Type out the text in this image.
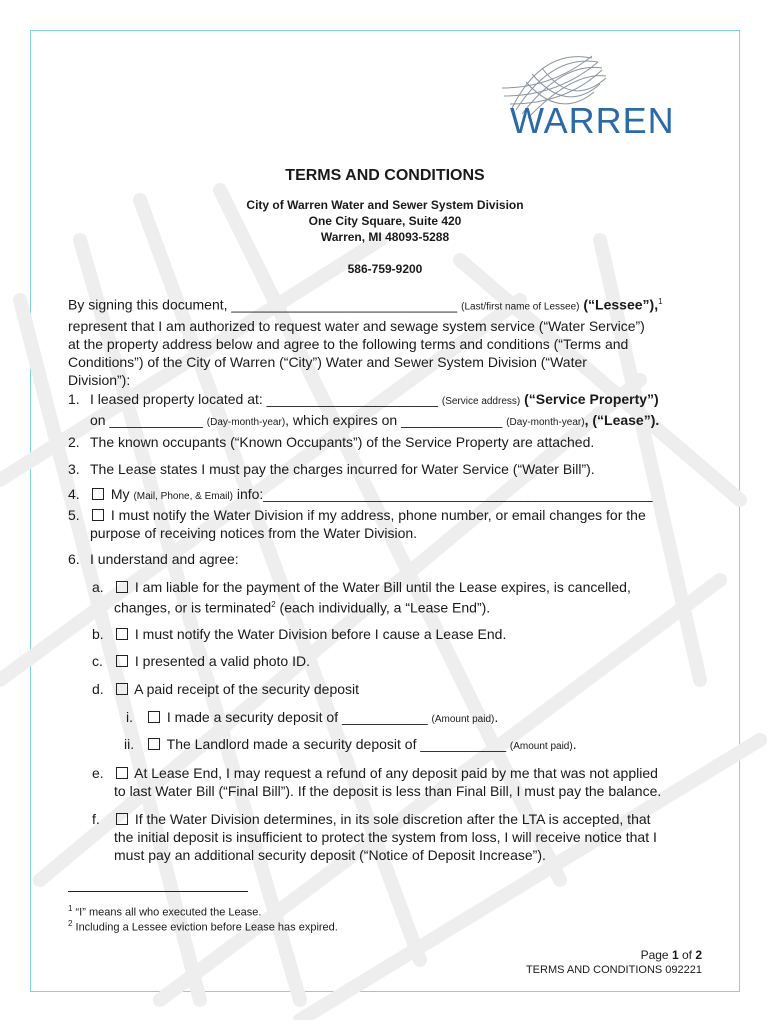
WARREN
TERMS AND CONDITIONS
City of Warren Water and Sewer System Division
One City Square, Suite 420
Warren, MI 48093-5288
586-759-9200
By signing this document, _____________________________ (Last/first name of Lessee) (“Lessee”),$^1$
represent that I am authorized to request water and sewage system service (“Water Service”)
at the property address below and agree to the following terms and conditions (“Terms and
Conditions”) of the City of Warren (“City”) Water and Sewer System Division (“Water
Division”):
1. I leased property located at: ______________________ (Service address) (“Service Property”)
on ____________ (Day-month-year), which expires on _____________ (Day-month-year), (“Lease”).
2. The known occupants (“Known Occupants”) of the Service Property are attached.
3. The Lease states I must pay the charges incurred for Water Service (“Water Bill”).
4. My (Mail, Phone, & Email) info:__________________________________________________
5. I must notify the Water Division if my address, phone number, or email changes for the
purpose of receiving notices from the Water Division.
6. I understand and agree:
a. I am liable for the payment of the Water Bill until the Lease expires, is cancelled,
changes, or is terminated$^2$ (each individually, a “Lease End”).
b. I must notify the Water Division before I cause a Lease End.
c. I presented a valid photo ID.
d. A paid receipt of the security deposit
i. I made a security deposit of ___________ (Amount paid).
ii. The Landlord made a security deposit of ___________ (Amount paid).
e. At Lease End, I may request a refund of any deposit paid by me that was not applied
to last Water Bill (“Final Bill”). If the deposit is less than Final Bill, I must pay the balance.
f.	If the Water Division determines, in its sole discretion after the LTA is accepted, that
the initial deposit is insufficient to protect the system from loss, I will receive notice that I
must pay an additional security deposit (“Notice of Deposit Increase”).
$^1$ “I” means all who executed the Lease.
$^2$ Including a Lessee eviction before Lease has expired.
Page 1 of 2
TERMS AND CONDITIONS 092221
